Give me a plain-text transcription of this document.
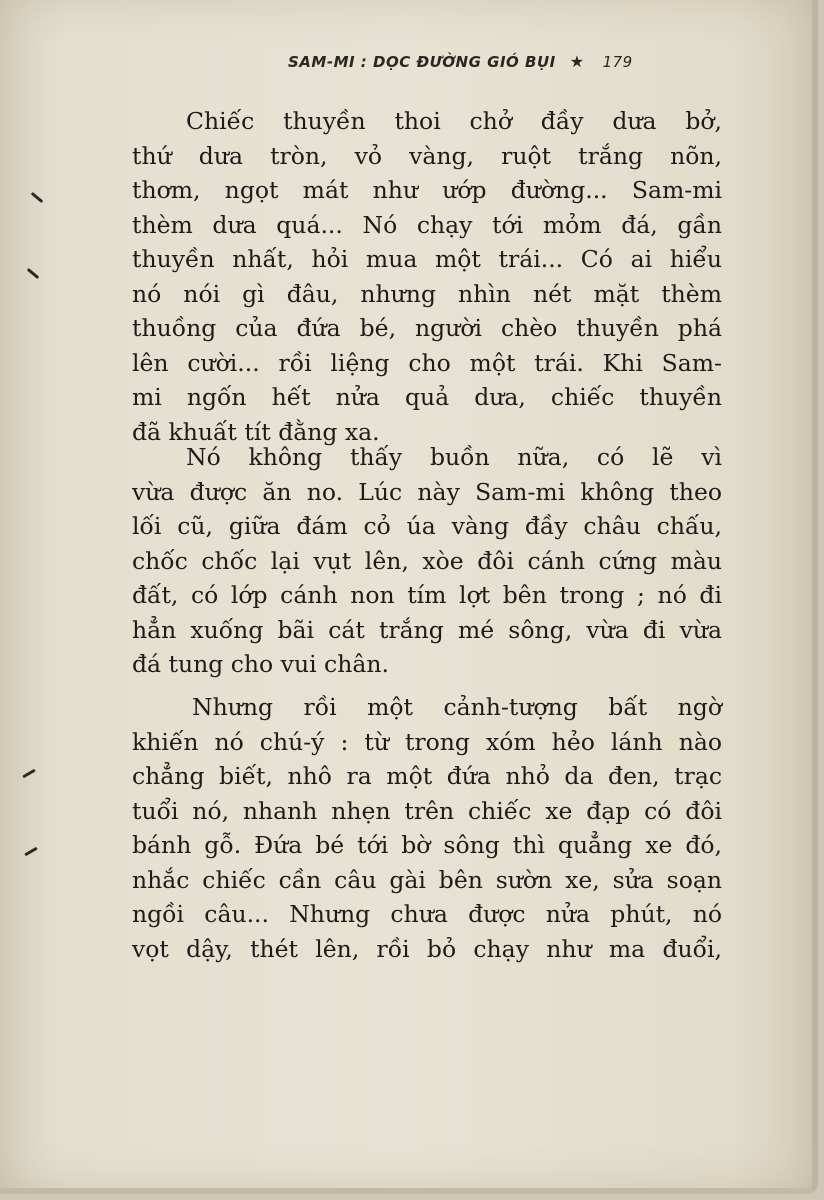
SAM-MI : DỌC ĐƯỜNG GIÓ BỤI ★ 179

Chiếc thuyền thoi chở đầy dưa bở,
thứ dưa tròn, vỏ vàng, ruột trắng nõn,
thơm, ngọt mát như ướp đường... Sam-mi
thèm dưa quá... Nó chạy tới mỏm đá, gần
thuyền nhất, hỏi mua một trái... Có ai hiểu
nó nói gì đâu, nhưng nhìn nét mặt thèm
thuồng của đứa bé, người chèo thuyền phá
lên cười... rồi liệng cho một trái. Khi Sam-
mi ngốn hết nửa quả dưa, chiếc thuyền
đã khuất tít đằng xa.

Nó không thấy buồn nữa, có lẽ vì
vừa được ăn no. Lúc này Sam-mi không theo
lối cũ, giữa đám cỏ úa vàng đầy châu chấu,
chốc chốc lại vụt lên, xòe đôi cánh cứng màu
đất, có lớp cánh non tím lợt bên trong ; nó đi
hẳn xuống bãi cát trắng mé sông, vừa đi vừa
đá tung cho vui chân.

Nhưng rồi một cảnh-tượng bất ngờ
khiến nó chú-ý : từ trong xóm hẻo lánh nào
chẳng biết, nhô ra một đứa nhỏ da đen, trạc
tuổi nó, nhanh nhẹn trên chiếc xe đạp có đôi
bánh gỗ. Đứa bé tới bờ sông thì quẳng xe đó,
nhắc chiếc cần câu gài bên sườn xe, sửa soạn
ngồi câu... Nhưng chưa được nửa phút, nó
vọt dậy, thét lên, rồi bỏ chạy như ma đuổi,
